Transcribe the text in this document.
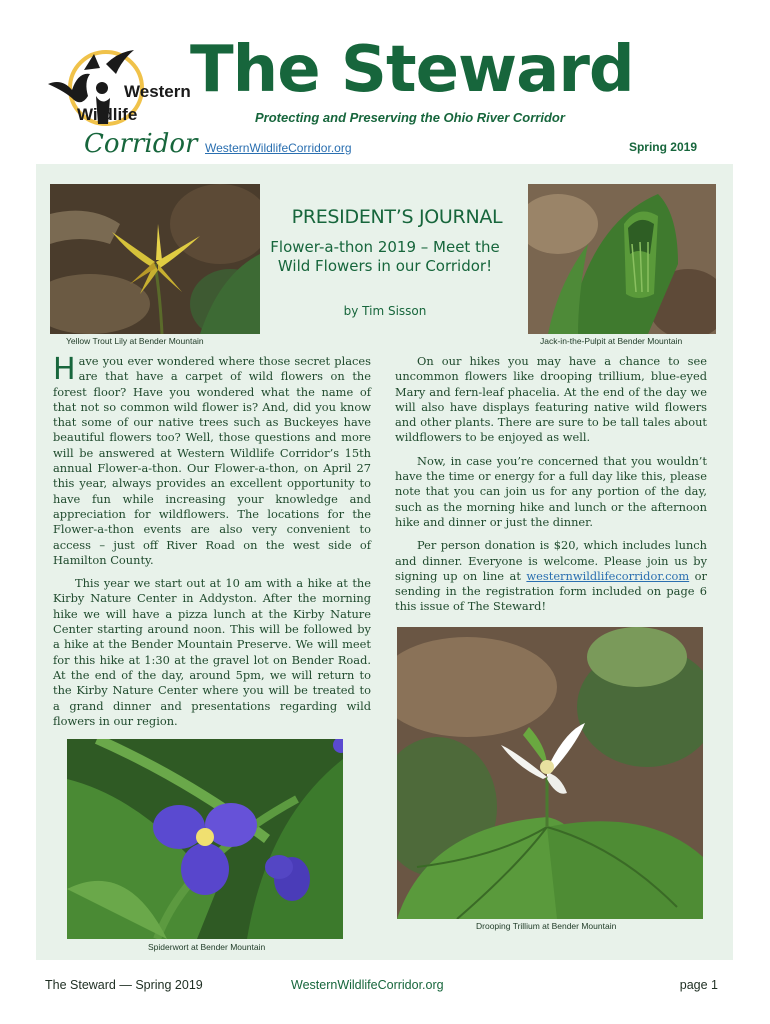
Western
Wildlife
Corridor
The Steward
Protecting and Preserving the Ohio River Corridor
WesternWildlifeCorridor.org	Spring 2019
Yellow Trout Lily at Bender Mountain	Jack-in-the-Pulpit at Bender Mountain
PRESIDENT’S JOURNAL
Flower-a-thon 2019 – Meet the Wild Flowers in our Corridor!
by Tim Sisson

Have you ever wondered where those secret places are that have a carpet of wild flowers on the forest floor? Have you wondered what the name of that not so common wild flower is? And, did you know that some of our native trees such as Buckeyes have beautiful flowers too? Well, those questions and more will be answered at Western Wildlife Corridor’s 15th annual Flower-a-thon. Our Flower-a-thon, on April 27 this year, always provides an excellent opportunity to have fun while increasing your knowledge and appreciation for wildflowers. The locations for the Flower-a-thon events are also very convenient to access – just off River Road on the west side of Hamilton County.

This year we start out at 10 am with a hike at the Kirby Nature Center in Addyston. After the morning hike we will have a pizza lunch at the Kirby Nature Center starting around noon. This will be followed by a hike at the Bender Mountain Preserve. We will meet for this hike at 1:30 at the gravel lot on Bender Road. At the end of the day, around 5pm, we will return to the Kirby Nature Center where you will be treated to a grand dinner and presentations regarding wild flowers in our region.

On our hikes you may have a chance to see uncommon flowers like drooping trillium, blue-eyed Mary and fern-leaf phacelia. At the end of the day we will also have displays featuring native wild flowers and other plants. There are sure to be tall tales about wildflowers to be enjoyed as well.

Now, in case you’re concerned that you wouldn’t have the time or energy for a full day like this, please note that you can join us for any portion of the day, such as the morning hike and lunch or the afternoon hike and dinner or just the dinner.

Per person donation is $20, which includes lunch and dinner. Everyone is welcome. Please join us by signing up on line at westernwildlifecorridor.com or sending in the registration form included on page 6 this issue of The Steward!

Spiderwort at Bender Mountain
Drooping Trillium at Bender Mountain
The Steward — Spring 2019	WesternWildlifeCorridor.org	page 1
